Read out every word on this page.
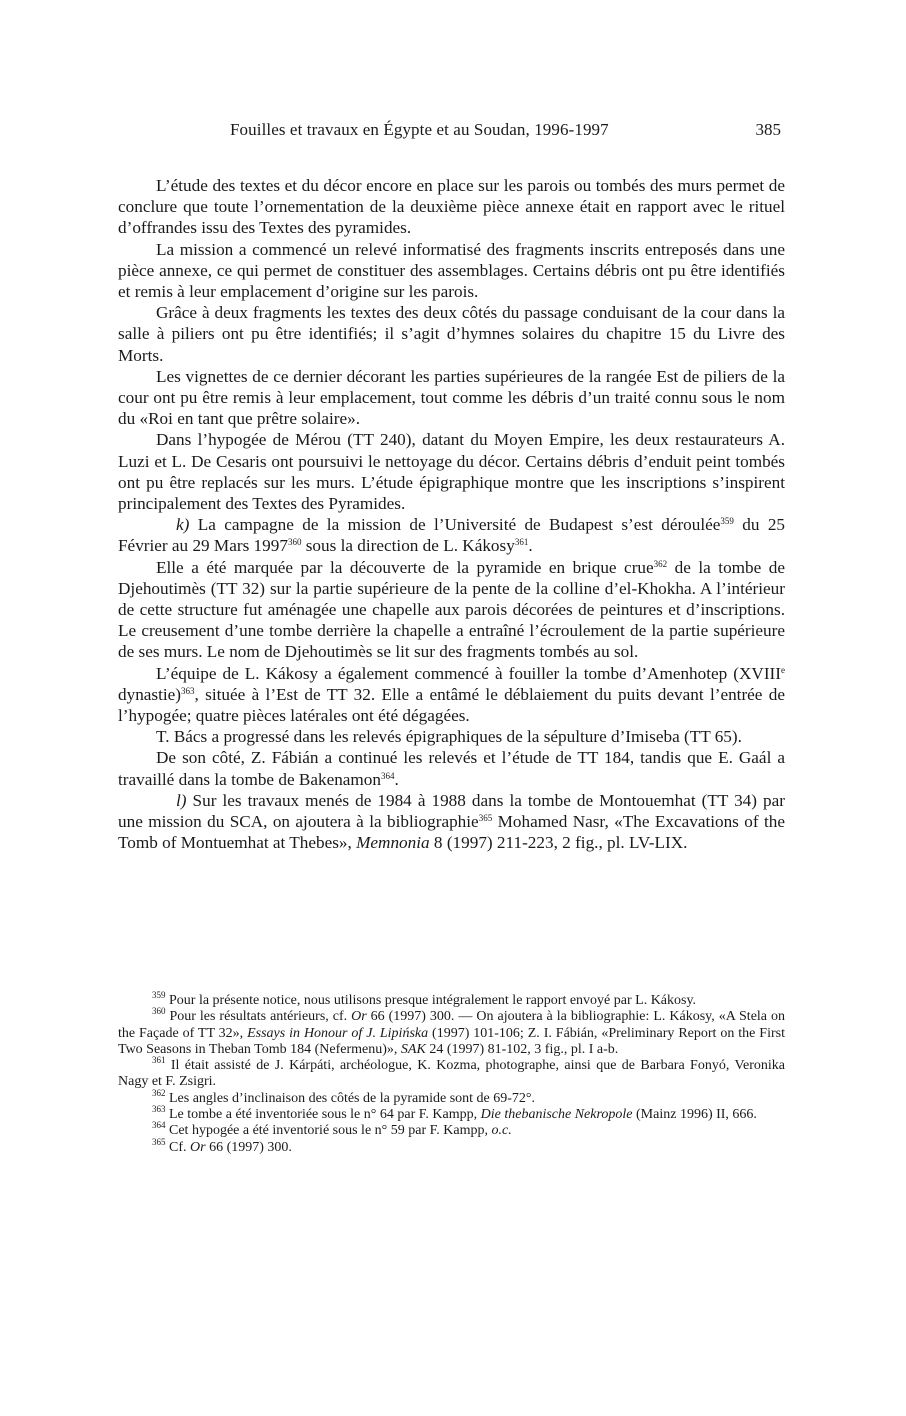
Fouilles et travaux en Égypte et au Soudan, 1996-1997	385

L’étude des textes et du décor encore en place sur les parois ou tombés des murs permet de conclure que toute l’ornementation de la deuxième pièce annexe était en rapport avec le rituel d’offrandes issu des Textes des pyramides.

La mission a commencé un relevé informatisé des fragments inscrits entreposés dans une pièce annexe, ce qui permet de constituer des assemblages. Certains débris ont pu être identifiés et remis à leur emplacement d’origine sur les parois.

Grâce à deux fragments les textes des deux côtés du passage conduisant de la cour dans la salle à piliers ont pu être identifiés; il s’agit d’hymnes solaires du chapitre 15 du Livre des Morts.

Les vignettes de ce dernier décorant les parties supérieures de la rangée Est de piliers de la cour ont pu être remis à leur emplacement, tout comme les débris d’un traité connu sous le nom du «Roi en tant que prêtre solaire».

Dans l’hypogée de Mérou (TT 240), datant du Moyen Empire, les deux restaurateurs A. Luzi et L. De Cesaris ont poursuivi le nettoyage du décor. Certains débris d’enduit peint tombés ont pu être replacés sur les murs. L’étude épigraphique montre que les inscriptions s’inspirent principalement des Textes des Pyramides.

k) La campagne de la mission de l’Université de Budapest s’est déroulée$^{359}$ du 25 Février au 29 Mars 1997$^{360}$ sous la direction de L. Kákosy$^{361}$.

Elle a été marquée par la découverte de la pyramide en brique crue$^{362}$ de la tombe de Djehoutimès (TT 32) sur la partie supérieure de la pente de la colline d’el-Khokha. A l’intérieur de cette structure fut aménagée une chapelle aux parois décorées de peintures et d’inscriptions. Le creusement d’une tombe derrière la chapelle a entraîné l’écroulement de la partie supérieure de ses murs. Le nom de Djehoutimès se lit sur des fragments tombés au sol.

L’équipe de L. Kákosy a également commencé à fouiller la tombe d’Amenhotep (XVIIIe dynastie)$^{363}$, située à l’Est de TT 32. Elle a entâmé le déblaiement du puits devant l’entrée de l’hypogée; quatre pièces latérales ont été dégagées.

T. Bács a progressé dans les relevés épigraphiques de la sépulture d’Imiseba (TT 65).

De son côté, Z. Fábián a continué les relevés et l’étude de TT 184, tandis que E. Gaál a travaillé dans la tombe de Bakenamon$^{364}$.

l) Sur les travaux menés de 1984 à 1988 dans la tombe de Montouemhat (TT 34) par une mission du SCA, on ajoutera à la bibliographie$^{365}$ Mohamed Nasr, «The Excavations of the Tomb of Montuemhat at Thebes», Memnonia 8 (1997) 211-223, 2 fig., pl. LV-LIX.

$^{359}$ Pour la présente notice, nous utilisons presque intégralement le rapport envoyé par L. Kákosy.

$^{360}$ Pour les résultats antérieurs, cf. Or 66 (1997) 300. — On ajoutera à la bibliographie: L. Kákosy, «A Stela on the Façade of TT 32», Essays in Honour of J. Lipińska (1997) 101-106; Z. I. Fábián, «Preliminary Report on the First Two Seasons in Theban Tomb 184 (Nefermenu)», SAK 24 (1997) 81-102, 3 fig., pl. I a-b.

$^{361}$ Il était assisté de J. Kárpáti, archéologue, K. Kozma, photographe, ainsi que de Barbara Fonyó, Veronika Nagy et F. Zsigri.

$^{362}$ Les angles d’inclinaison des côtés de la pyramide sont de 69-72°.

$^{363}$ Le tombe a été inventoriée sous le n° 64 par F. Kampp, Die thebanische Nekropole (Mainz 1996) II, 666.

$^{364}$ Cet hypogée a été inventorié sous le n° 59 par F. Kampp, o.c.

$^{365}$ Cf. Or 66 (1997) 300.
